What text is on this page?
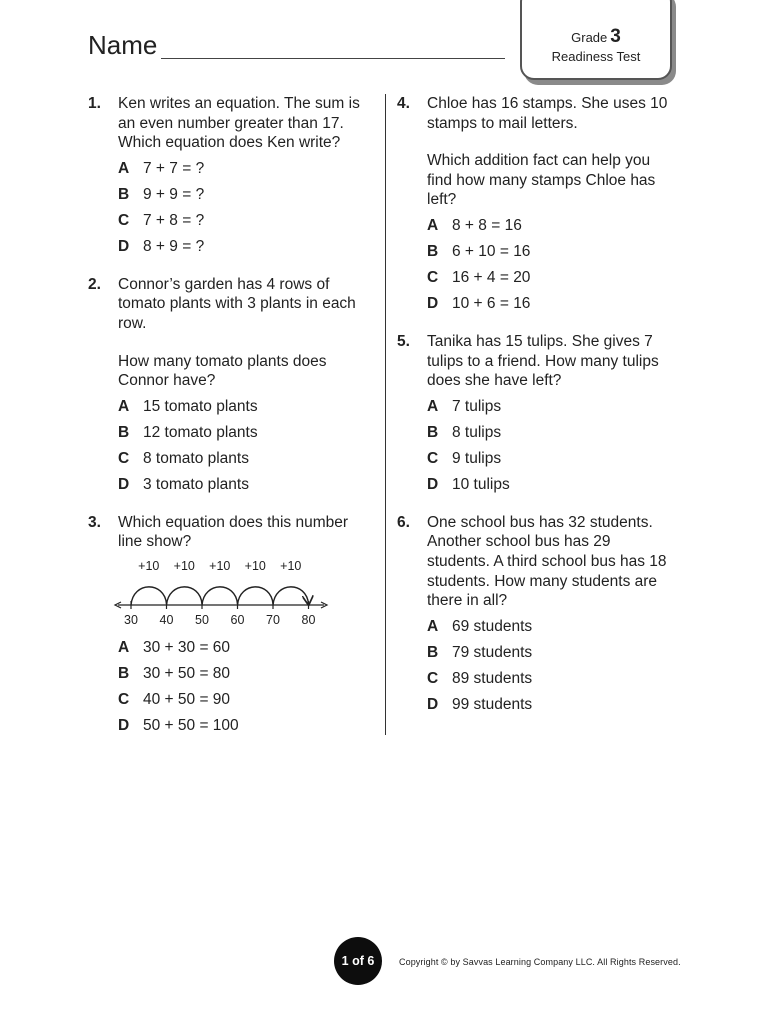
Name	Grade 3
Readiness Test
1.	Ken writes an equation. The sum is an even number greater than 17. Which equation does Ken write?

A 7 + 7 = ?
B 9 + 9 = ?
C 7 + 8 = ?
D 8 + 9 = ?
2.	Connor’s garden has 4 rows of tomato plants with 3 plants in each row.

How many tomato plants does Connor have?

A 15 tomato plants
B 12 tomato plants
C 8 tomato plants
D 3 tomato plants
3.	Which equation does this number line show?

+10 +10 +10 +10 +10
30 40 50 60 70 80
A 30 + 30 = 60
B 30 + 50 = 80
C 40 + 50 = 90
D 50 + 50 = 100
4.	Chloe has 16 stamps. She uses 10 stamps to mail letters.

Which addition fact can help you find how many stamps Chloe has left?

A 8 + 8 = 16
B 6 + 10 = 16
C 16 + 4 = 20
D 10 + 6 = 16
5.	Tanika has 15 tulips. She gives 7 tulips to a friend. How many tulips does she have left?

A 7 tulips
B 8 tulips
C 9 tulips
D 10 tulips
6.	One school bus has 32 students. Another school bus has 29 students. A third school bus has 18 students. How many students are there in all?

A 69 students
B 79 students
C 89 students
D 99 students
1 of 6	Copyright © by Savvas Learning Company LLC. All Rights Reserved.
